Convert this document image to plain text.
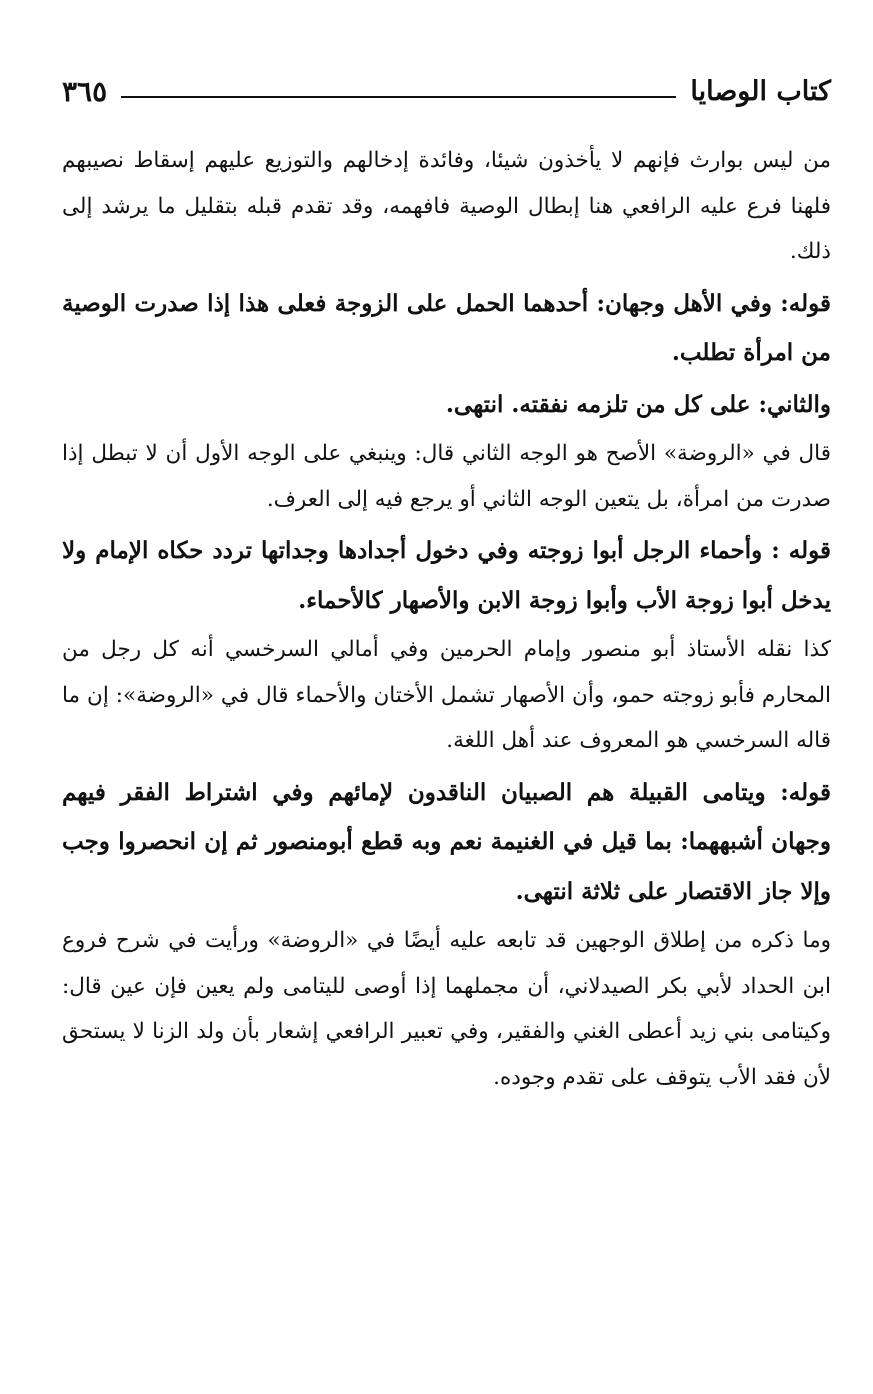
كتاب الوصايا
٣٦٥

من ليس بوارث فإنهم لا يأخذون شيئا، وفائدة إدخالهم والتوزيع عليهم إسقاط نصيبهم فلهنا فرع عليه الرافعي هنا إبطال الوصية فافهمه، وقد تقدم قبله بتقليل ما يرشد إلى ذلك.

قوله: وفي الأهل وجهان: أحدهما الحمل على الزوجة فعلى هذا إذا صدرت الوصية من امرأة تطلب.

والثاني: على كل من تلزمه نفقته. انتهى.

قال في «الروضة» الأصح هو الوجه الثاني قال: وينبغي على الوجه الأول أن لا تبطل إذا صدرت من امرأة، بل يتعين الوجه الثاني أو يرجع فيه إلى العرف.

قوله : وأحماء الرجل أبوا زوجته وفي دخول أجدادها وجداتها تردد حكاه الإمام ولا يدخل أبوا زوجة الأب وأبوا زوجة الابن والأصهار كالأحماء.

كذا نقله الأستاذ أبو منصور وإمام الحرمين وفي أمالي السرخسي أنه كل رجل من المحارم فأبو زوجته حمو، وأن الأصهار تشمل الأختان والأحماء قال في «الروضة»: إن ما قاله السرخسي هو المعروف عند أهل اللغة.

قوله: ويتامى القبيلة هم الصبيان الناقدون لإمائهم وفي اشتراط الفقر فيهم وجهان أشبههما: بما قيل في الغنيمة نعم وبه قطع أبومنصور ثم إن انحصروا وجب وإلا جاز الاقتصار على ثلاثة انتهى.

وما ذكره من إطلاق الوجهين قد تابعه عليه أيضًا في «الروضة» ورأيت في شرح فروع ابن الحداد لأبي بكر الصيدلاني، أن مجملهما إذا أوصى لليتامى ولم يعين فإن عين قال: وكيتامى بني زيد أعطى الغني والفقير، وفي تعبير الرافعي إشعار بأن ولد الزنا لا يستحق لأن فقد الأب يتوقف على تقدم وجوده.
